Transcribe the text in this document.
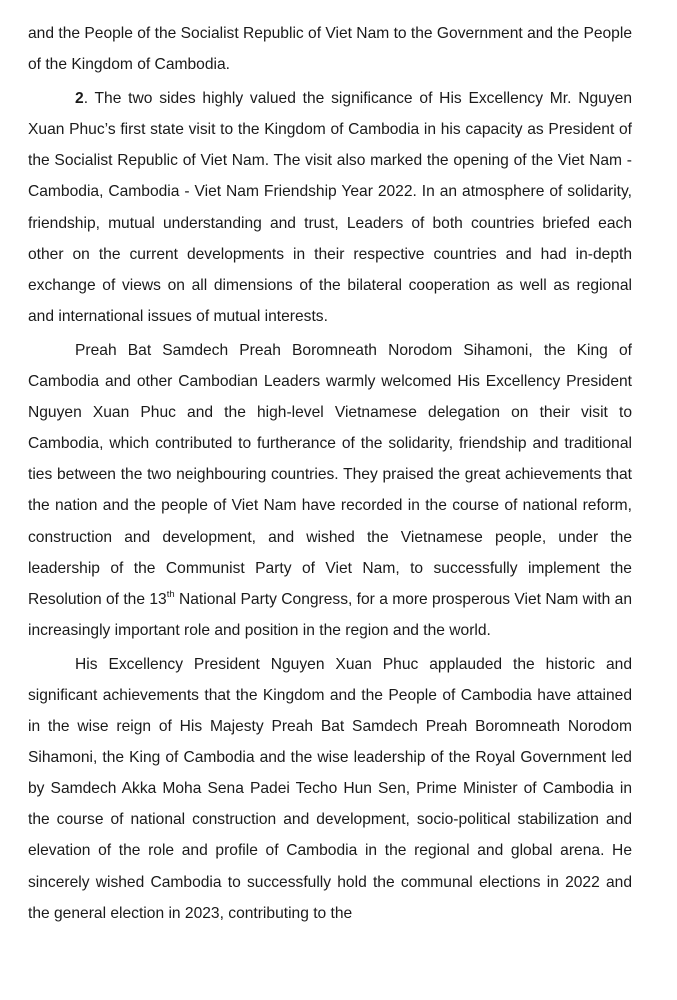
and the People of the Socialist Republic of Viet Nam to the Government and the People of the Kingdom of Cambodia.

2. The two sides highly valued the significance of His Excellency Mr. Nguyen Xuan Phuc’s first state visit to the Kingdom of Cambodia in his capacity as President of the Socialist Republic of Viet Nam. The visit also marked the opening of the Viet Nam - Cambodia, Cambodia - Viet Nam Friendship Year 2022. In an atmosphere of solidarity, friendship, mutual understanding and trust, Leaders of both countries briefed each other on the current developments in their respective countries and had in-depth exchange of views on all dimensions of the bilateral cooperation as well as regional and international issues of mutual interests.

Preah Bat Samdech Preah Boromneath Norodom Sihamoni, the King of Cambodia and other Cambodian Leaders warmly welcomed His Excellency President Nguyen Xuan Phuc and the high-level Vietnamese delegation on their visit to Cambodia, which contributed to furtherance of the solidarity, friendship and traditional ties between the two neighbouring countries. They praised the great achievements that the nation and the people of Viet Nam have recorded in the course of national reform, construction and development, and wished the Vietnamese people, under the leadership of the Communist Party of Viet Nam, to successfully implement the Resolution of the 13th National Party Congress, for a more prosperous Viet Nam with an increasingly important role and position in the region and the world.

His Excellency President Nguyen Xuan Phuc applauded the historic and significant achievements that the Kingdom and the People of Cambodia have attained in the wise reign of His Majesty Preah Bat Samdech Preah Boromneath Norodom Sihamoni, the King of Cambodia and the wise leadership of the Royal Government led by Samdech Akka Moha Sena Padei Techo Hun Sen, Prime Minister of Cambodia in the course of national construction and development, socio-political stabilization and elevation of the role and profile of Cambodia in the regional and global arena. He sincerely wished Cambodia to successfully hold the communal elections in 2022 and the general election in 2023, contributing to the
